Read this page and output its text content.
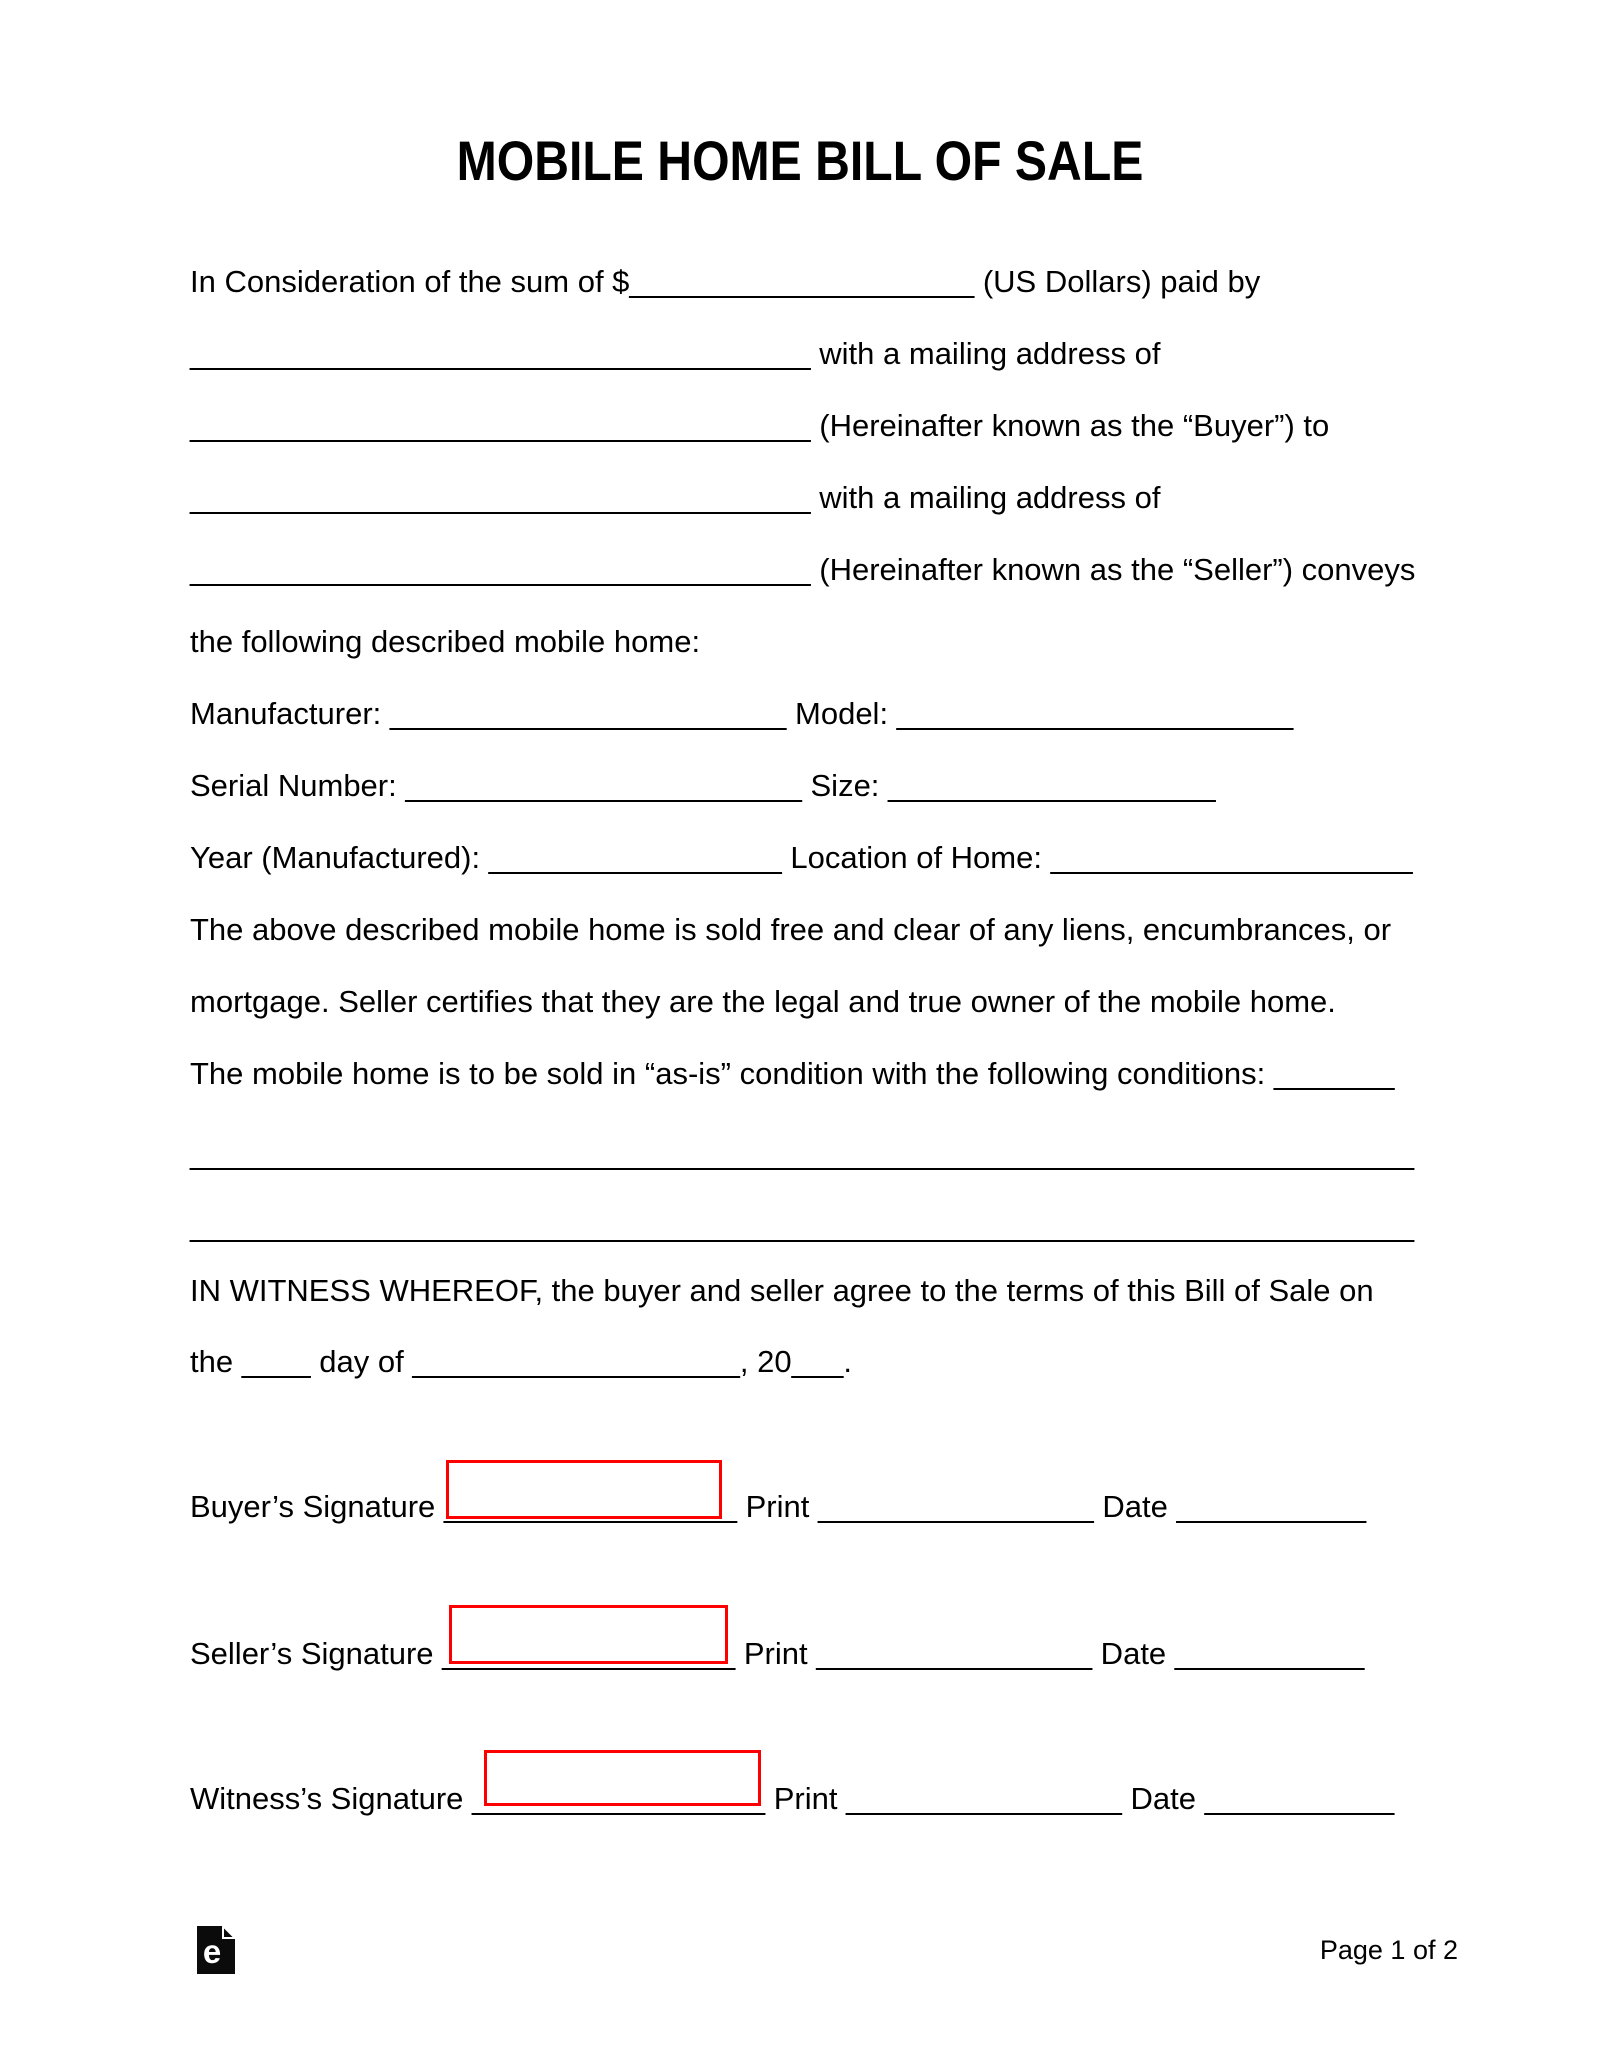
MOBILE HOME BILL OF SALE
In Consideration of the sum of $____________________ (US Dollars) paid by
____________________________________ with a mailing address of
____________________________________ (Hereinafter known as the “Buyer”) to
____________________________________ with a mailing address of
____________________________________ (Hereinafter known as the “Seller”) conveys
the following described mobile home:
Manufacturer: _______________________ Model: _______________________
Serial Number: _______________________ Size: ___________________
Year (Manufactured): _________________ Location of Home: _____________________
The above described mobile home is sold free and clear of any liens, encumbrances, or
mortgage. Seller certifies that they are the legal and true owner of the mobile home.
The mobile home is to be sold in “as-is” condition with the following conditions: _______
_______________________________________________________________________
_______________________________________________________________________
IN WITNESS WHEREOF, the buyer and seller agree to the terms of this Bill of Sale on
the ____ day of ___________________, 20___.
Buyer’s Signature _________________ Print ________________ Date ___________
Seller’s Signature _________________ Print ________________ Date ___________
Witness’s Signature _________________ Print ________________ Date ___________
e	Page 1 of 2
